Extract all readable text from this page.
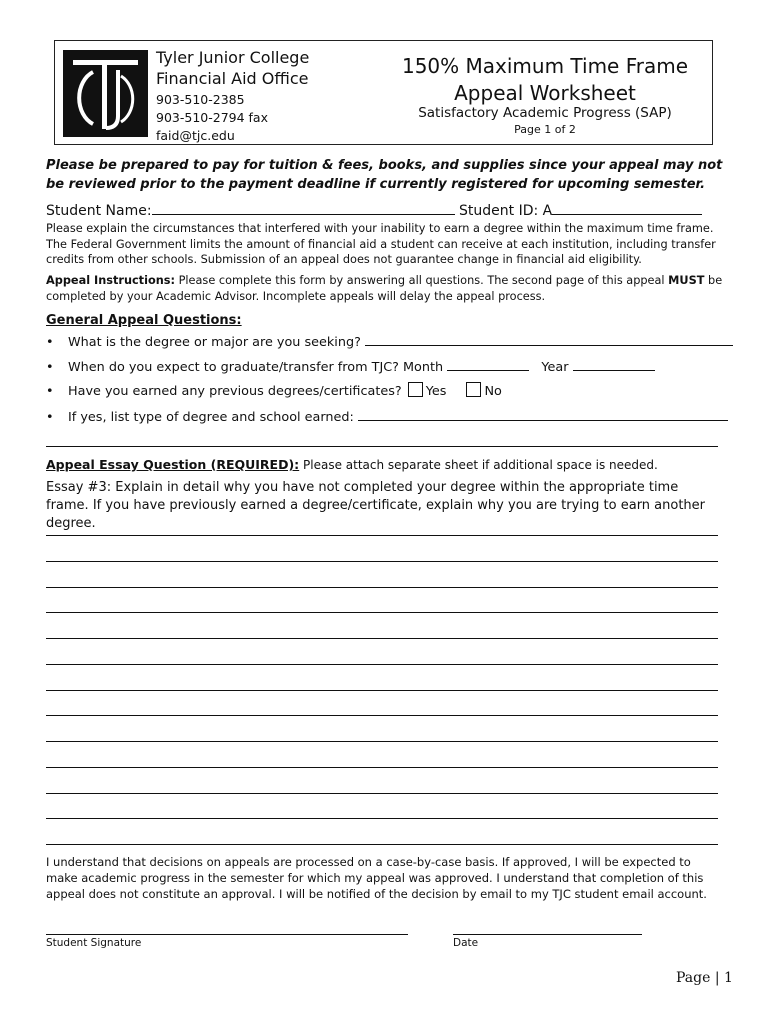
Tyler Junior College
Financial Aid Office
903-510-2385
903-510-2794 fax
faid@tjc.edu
150% Maximum Time Frame
Appeal Worksheet
Satisfactory Academic Progress (SAP)
Page 1 of 2
Please be prepared to pay for tuition & fees, books, and supplies since your appeal may not be reviewed prior to the payment deadline if currently registered for upcoming semester.
Student Name:	Student ID: A
Please explain the circumstances that interfered with your inability to earn a degree within the maximum time frame. The Federal Government limits the amount of financial aid a student can receive at each institution, including transfer credits from other schools. Submission of an appeal does not guarantee change in financial aid eligibility.
Appeal Instructions: Please complete this form by answering all questions. The second page of this appeal MUST be completed by your Academic Advisor. Incomplete appeals will delay the appeal process.
General Appeal Questions:
• What is the degree or major are you seeking?
• When do you expect to graduate/transfer from TJC? Month	Year
• Have you earned any previous degrees/certificates? Yes	No
• If yes, list type of degree and school earned:
Appeal Essay Question (REQUIRED): Please attach separate sheet if additional space is needed.
Essay #3: Explain in detail why you have not completed your degree within the appropriate time frame. If you have previously earned a degree/certificate, explain why you are trying to earn another degree.
I understand that decisions on appeals are processed on a case-by-case basis. If approved, I will be expected to make academic progress in the semester for which my appeal was approved. I understand that completion of this appeal does not constitute an approval. I will be notified of the decision by email to my TJC student email account.
Student Signature	Date
Page | 1
